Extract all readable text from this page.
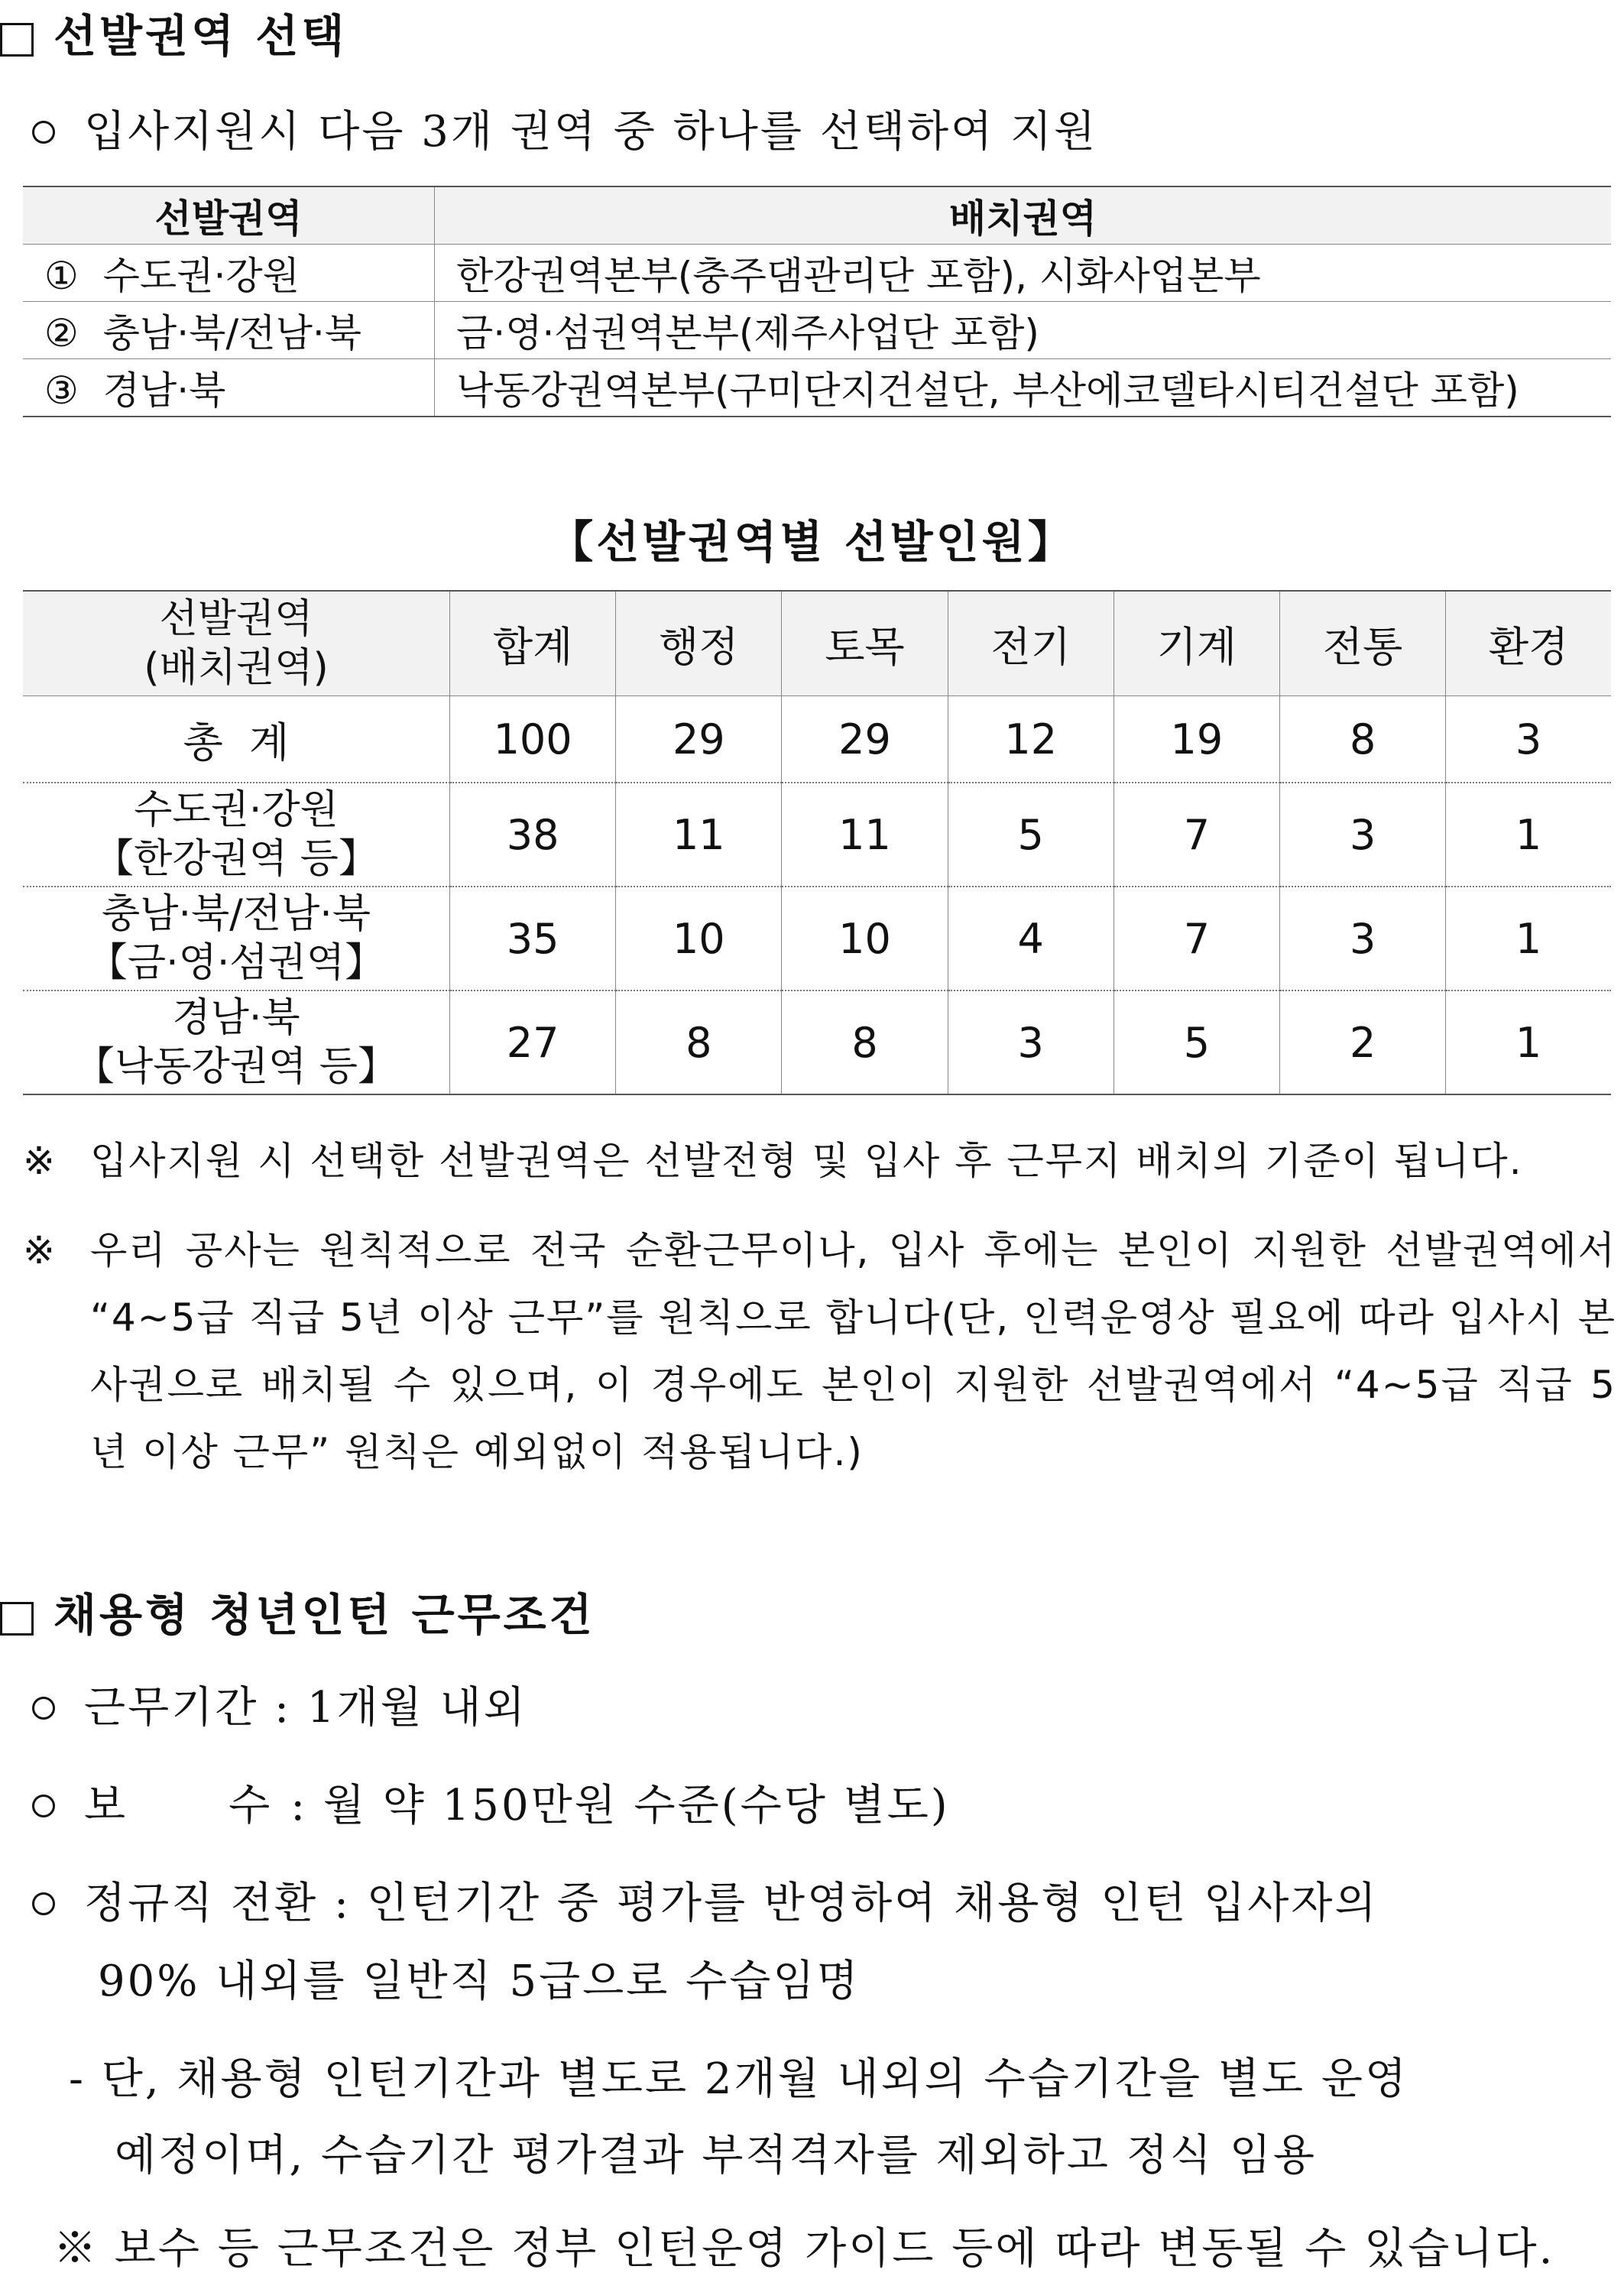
선발권역 선택
입사지원시 다음 3개 권역 중 하나를 선택하여 지원
선발권역	배치권역
① 수도권·강원	한강권역본부(충주댐관리단 포함), 시화사업본부
② 충남·북/전남·북	금·영·섬권역본부(제주사업단 포함)
③ 경남·북	낙동강권역본부(구미단지건설단, 부산에코델타시티건설단 포함)
【선발권역별 선발인원】
선발권역
(배치권역)	합계	행정	토목	전기	기계	전통	환경
총  계	100	29	29	12	19	8	3

수도권·강원
【한강권역 등】	38	11	11	5	7	3	1

충남·북/전남·북
【금·영·섬권역】	35	10	10	4	7	3	1

경남·북
【낙동강권역 등】	27	8	8	3	5	2	1
※ 입사지원 시 선택한 선발권역은 선발전형 및 입사 후 근무지 배치의 기준이 됩니다.
※ 우리 공사는 원칙적으로 전국 순환근무이나, 입사 후에는 본인이 지원한 선발권역에서 “4~5급 직급 5년 이상 근무”를 원칙으로 합니다(단, 인력운영상 필요에 따라 입사시 본사권으로 배치될 수 있으며, 이 경우에도 본인이 지원한 선발권역에서 “4~5급 직급 5년 이상 근무” 원칙은 예외없이 적용됩니다.)
채용형 청년인턴 근무조건
근무기간 : 1개월 내외
보 수 : 월 약 150만원 수준(수당 별도)
정규직 전환 : 인턴기간 중 평가를 반영하여 채용형 인턴 입사자의
90% 내외를 일반직 5급으로 수습임명
- 단, 채용형 인턴기간과 별도로 2개월 내외의 수습기간을 별도 운영
예정이며, 수습기간 평가결과 부적격자를 제외하고 정식 임용
※ 보수 등 근무조건은 정부 인턴운영 가이드 등에 따라 변동될 수 있습니다.
